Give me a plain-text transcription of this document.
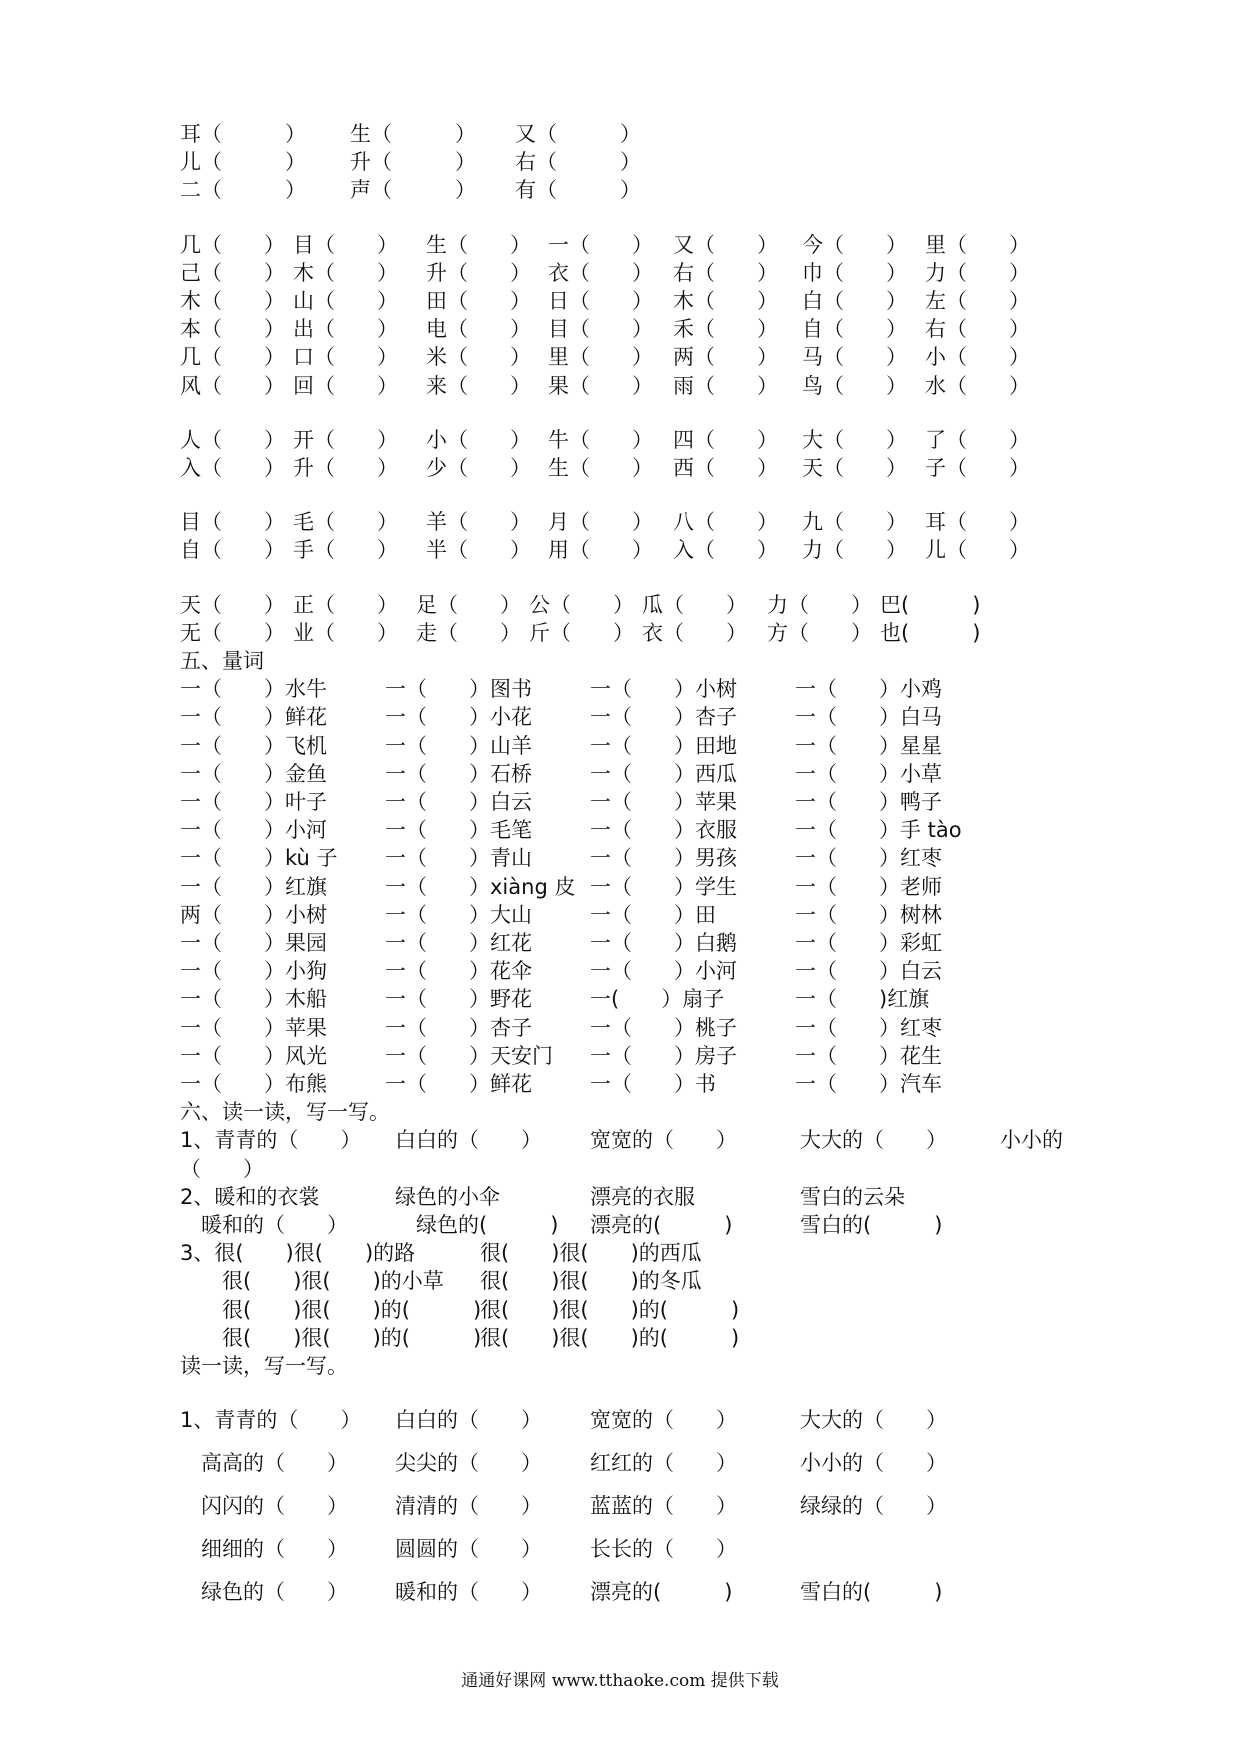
耳（　　　） 生（　　　） 又（　　　）
儿（　　　） 升（　　　） 右（　　　）
二（　　　） 声（　　　） 有（　　　）
几（　　） 目（　　） 生（　　） 一（　　） 又（　　） 今（　　） 里（　　）
己（　　） 木（　　） 升（　　） 衣（　　） 右（　　） 巾（　　） 力（　　）
木（　　） 山（　　） 田（　　） 日（　　） 木（　　） 白（　　） 左（　　）
本（　　） 出（　　） 电（　　） 目（　　） 禾（　　） 自（　　） 右（　　）
几（　　） 口（　　） 米（　　） 里（　　） 两（　　） 马（　　） 小（　　）
风（　　） 回（　　） 来（　　） 果（　　） 雨（　　） 鸟（　　） 水（　　）
人（　　） 开（　　） 小（　　） 牛（　　） 四（　　） 大（　　） 了（　　）
入（　　） 升（　　） 少（　　） 生（　　） 西（　　） 天（　　） 子（　　）
目（　　） 毛（　　） 羊（　　） 月（　　） 八（　　） 九（　　） 耳（　　）
自（　　） 手（　　） 半（　　） 用（　　） 入（　　） 力（　　） 儿（　　）
天（　　） 正（　　） 足（　　） 公（　　） 瓜（　　） 力（　　） 巴(　　　)
无（　　） 业（　　） 走（　　） 斤（　　） 衣（　　） 方（　　） 也(　　　)
五、量词
一（　　）水牛	一（　　）图书	一（　　）小树	一（　　）小鸡
一（　　）鲜花	一（　　）小花	一（　　）杏子	一（　　）白马
一（　　）飞机	一（　　）山羊	一（　　）田地	一（　　）星星
一（　　）金鱼	一（　　）石桥	一（　　）西瓜	一（　　）小草
一（　　）叶子	一（　　）白云	一（　　）苹果	一（　　）鸭子
一（　　）小河	一（　　）毛笔	一（　　）衣服	一（　　）手 tào
一（　　）kù 子 一（　　）青山	一（　　）男孩	一（　　）红枣
一（　　）红旗	一（　　）xiàng 皮 一（　　）学生	一（　　）老师
两（　　）小树	一（　　）大山	一（　　）田	一（　　）树林
一（　　）果园	一（　　）红花	一（　　）白鹅	一（　　）彩虹
一（　　）小狗	一（　　）花伞	一（　　）小河	一（　　）白云
一（　　）木船	一（　　）野花	一(　　）扇子	一（　　)红旗
一（　　）苹果	一（　　）杏子	一（　　）桃子	一（　　）红枣
一（　　）风光	一（　　）天安门 一（　　）房子	一（　　）花生
一（　　）布熊	一（　　）鲜花	一（　　）书	一（　　）汽车
六、读一读，写一写。
1、青青的（　　） 白白的（　　） 宽宽的（　　）	大大的（　　）	小小的
（　　）
2、暖和的衣裳	绿色的小伞	漂亮的衣服	雪白的云朵
　暖和的（　　） 　绿色的(　　　) 漂亮的(　　　)	雪白的(　　　)
3、很(　　)很(　　)的路	很(　　)很(　　)的西瓜
　　很(　　)很(　　)的小草 很(　　)很(　　)的冬瓜
　　很(　　)很(　　)的(　　　)
很(　　)很(　　)的(　　　)
　　很(　　)很(　　)的(　　　)
很(　　)很(　　)的(　　　)
读一读，写一写。
1、青青的（　　） 白白的（　　） 宽宽的（　　）	大大的（　　）
　高高的（　　） 尖尖的（　　） 红红的（　　）	小小的（　　）
　闪闪的（　　） 清清的（　　） 蓝蓝的（　　）	绿绿的（　　）
　细细的（　　） 圆圆的（　　） 长长的（　　）
　绿色的（　　） 暖和的（　　） 漂亮的(　　　)	雪白的(　　　)
通通好课网 www.tthaoke.com 提供下载
